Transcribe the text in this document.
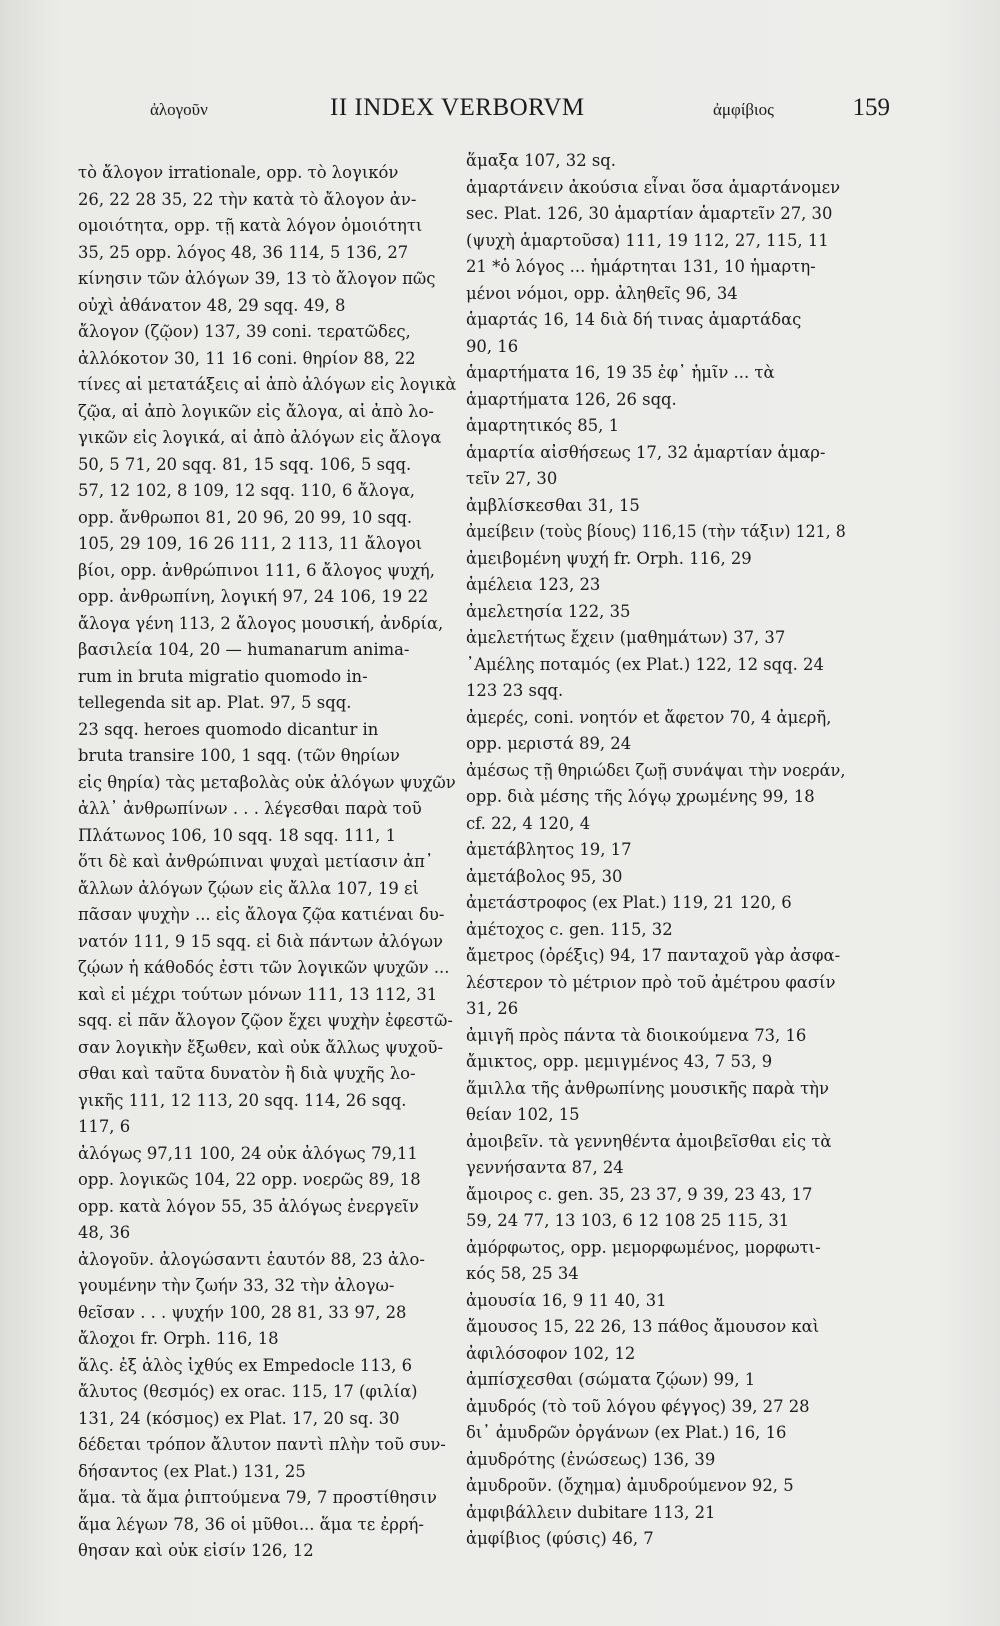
ἀλογοῦν	II INDEX VERBORVM	ἀμφίβιος	159
τὸ ἄλογον irrationale, opp. τὸ λογικόν
26, 22 28 35, 22 τὴν κατὰ τὸ ἄλογον ἀν-
ομοιότητα, opp. τῇ κατὰ λόγον ὁμοιότητι
35, 25 opp. λόγος 48, 36 114, 5 136, 27
κίνησιν τῶν ἀλόγων 39, 13 τὸ ἄλογον πῶς
οὐχὶ ἀθάνατον 48, 29 sqq. 49, 8
ἄλογον (ζῷον) 137, 39 coni. τερατῶδες,
ἀλλόκοτον 30, 11 16 coni. θηρίον 88, 22
τίνες αἱ μετατάξεις αἱ ἀπὸ ἀλόγων εἰς λογικὰ
ζῷα, αἱ ἀπὸ λογικῶν εἰς ἄλογα, αἱ ἀπὸ λο-
γικῶν εἰς λογικά, αἱ ἀπὸ ἀλόγων εἰς ἄλογα
50, 5 71, 20 sqq. 81, 15 sqq. 106, 5 sqq.
57, 12 102, 8 109, 12 sqq. 110, 6 ἄλογα,
opp. ἄνθρωποι 81, 20 96, 20 99, 10 sqq.
105, 29 109, 16 26 111, 2 113, 11 ἄλογοι
βίοι, opp. ἀνθρώπινοι 111, 6 ἄλογος ψυχή,
opp. ἀνθρωπίνη, λογική 97, 24 106, 19 22
ἄλογα γένη 113, 2 ἄλογος μουσική, ἀνδρία,
βασιλεία 104, 20 — humanarum anima-
rum in bruta migratio quomodo in-
tellegenda sit ap. Plat. 97, 5 sqq.
23 sqq. heroes quomodo dicantur in
bruta transire 100, 1 sqq. (τῶν θηρίων
εἰς θηρία) τὰς μεταβολὰς οὐκ ἀλόγων ψυχῶν
ἀλλ᾽ ἀνθρωπίνων . . . λέγεσθαι παρὰ τοῦ
Πλάτωνος 106, 10 sqq. 18 sqq. 111, 1
ὅτι δὲ καὶ ἀνθρώπιναι ψυχαὶ μετίασιν ἀπ᾽
ἄλλων ἀλόγων ζῴων εἰς ἄλλα 107, 19 εἰ
πᾶσαν ψυχὴν ... εἰς ἄλογα ζῷα κατιέναι δυ-
νατόν 111, 9 15 sqq. εἰ διὰ πάντων ἀλόγων
ζῴων ἡ κάθοδός ἐστι τῶν λογικῶν ψυχῶν ...
καὶ εἰ μέχρι τούτων μόνων 111, 13 112, 31
sqq. εἰ πᾶν ἄλογον ζῷον ἔχει ψυχὴν ἐφεστῶ-
σαν λογικὴν ἔξωθεν, καὶ οὐκ ἄλλως ψυχοῦ-
σθαι καὶ ταῦτα δυνατὸν ἢ διὰ ψυχῆς λο-
γικῆς 111, 12 113, 20 sqq. 114, 26 sqq.
117, 6
ἀλόγως 97,11 100, 24 οὐκ ἀλόγως 79,11
opp. λογικῶς 104, 22 opp. νοερῶς 89, 18
opp. κατὰ λόγον 55, 35 ἀλόγως ἐνεργεῖν
48, 36
ἀλογοῦν. ἀλογώσαντι ἑαυτόν 88, 23 ἀλο-
γουμένην τὴν ζωήν 33, 32 τὴν ἀλογω-
θεῖσαν . . . ψυχήν 100, 28 81, 33 97, 28
ἄλοχοι fr. Orph. 116, 18
ἅλς. ἐξ ἁλὸς ἰχθύς ex Empedocle 113, 6
ἄλυτος (θεσμός) ex orac. 115, 17 (φιλία)
131, 24 (κόσμος) ex Plat. 17, 20 sq. 30
δέδεται τρόπον ἄλυτον παντὶ πλὴν τοῦ συν-
δήσαντος (ex Plat.) 131, 25
ἅμα. τὰ ἅμα ῥιπτούμενα 79, 7 προστίθησιν
ἅμα λέγων 78, 36 οἱ μῦθοι... ἅμα τε ἐρρή-
θησαν καὶ οὐκ εἰσίν 126, 12
ἅμαξα 107, 32 sq.
ἁμαρτάνειν ἀκούσια εἶναι ὅσα ἁμαρτάνομεν
sec. Plat. 126, 30 ἁμαρτίαν ἁμαρτεῖν 27, 30
(ψυχὴ ἁμαρτοῦσα) 111, 19 112, 27, 115, 11
21 *ὁ λόγος ... ἡμάρτηται 131, 10 ἡμαρτη-
μένοι νόμοι, opp. ἀληθεῖς 96, 34
ἁμαρτάς 16, 14 διὰ δή τινας ἁμαρτάδας
90, 16
ἁμαρτήματα 16, 19 35 ἐφ᾽ ἡμῖν ... τὰ
ἁμαρτήματα 126, 26 sqq.
ἁμαρτητικός 85, 1
ἁμαρτία αἰσθήσεως 17, 32 ἁμαρτίαν ἁμαρ-
τεῖν 27, 30
ἀμβλίσκεσθαι 31, 15
ἀμείβειν (τοὺς βίους) 116,15 (τὴν τάξιν) 121, 8
ἀμειβομένη ψυχή fr. Orph. 116, 29
ἀμέλεια 123, 23
ἀμελετησία 122, 35
ἀμελετήτως ἔχειν (μαθημάτων) 37, 37
᾽Αμέλης ποταμός (ex Plat.) 122, 12 sqq. 24
123 23 sqq.
ἀμερές, coni. νοητόν et ἄφετον 70, 4 ἀμερῆ,
opp. μεριστά 89, 24
ἀμέσως τῇ θηριώδει ζωῇ συνάψαι τὴν νοεράν,
opp. διὰ μέσης τῆς λόγῳ χρωμένης 99, 18
cf. 22, 4 120, 4
ἀμετάβλητος 19, 17
ἀμετάβολος 95, 30
ἀμετάστροφος (ex Plat.) 119, 21 120, 6
ἀμέτοχος c. gen. 115, 32
ἄμετρος (ὀρέξις) 94, 17 πανταχοῦ γὰρ ἀσφα-
λέστερον τὸ μέτριον πρὸ τοῦ ἀμέτρου φασίν
31, 26
ἀμιγῆ πρὸς πάντα τὰ διοικούμενα 73, 16
ἄμικτος, opp. μεμιγμένος 43, 7 53, 9
ἅμιλλα τῆς ἀνθρωπίνης μουσικῆς παρὰ τὴν
θείαν 102, 15
ἀμοιβεῖν. τὰ γεννηθέντα ἀμοιβεῖσθαι εἰς τὰ
γεννήσαντα 87, 24
ἄμοιρος c. gen. 35, 23 37, 9 39, 23 43, 17
59, 24 77, 13 103, 6 12 108 25 115, 31
ἀμόρφωτος, opp. μεμορφωμένος, μορφωτι-
κός 58, 25 34
ἀμουσία 16, 9 11 40, 31
ἄμουσος 15, 22 26, 13 πάθος ἄμουσον καὶ
ἀφιλόσοφον 102, 12
ἀμπίσχεσθαι (σώματα ζῴων) 99, 1
ἀμυδρός (τὸ τοῦ λόγου φέγγος) 39, 27 28
δι᾽ ἀμυδρῶν ὀργάνων (ex Plat.) 16, 16
ἀμυδρότης (ἐνώσεως) 136, 39
ἀμυδροῦν. (ὄχημα) ἀμυδρούμενον 92, 5
ἀμφιβάλλειν dubitare 113, 21
ἀμφίβιος (φύσις) 46, 7
